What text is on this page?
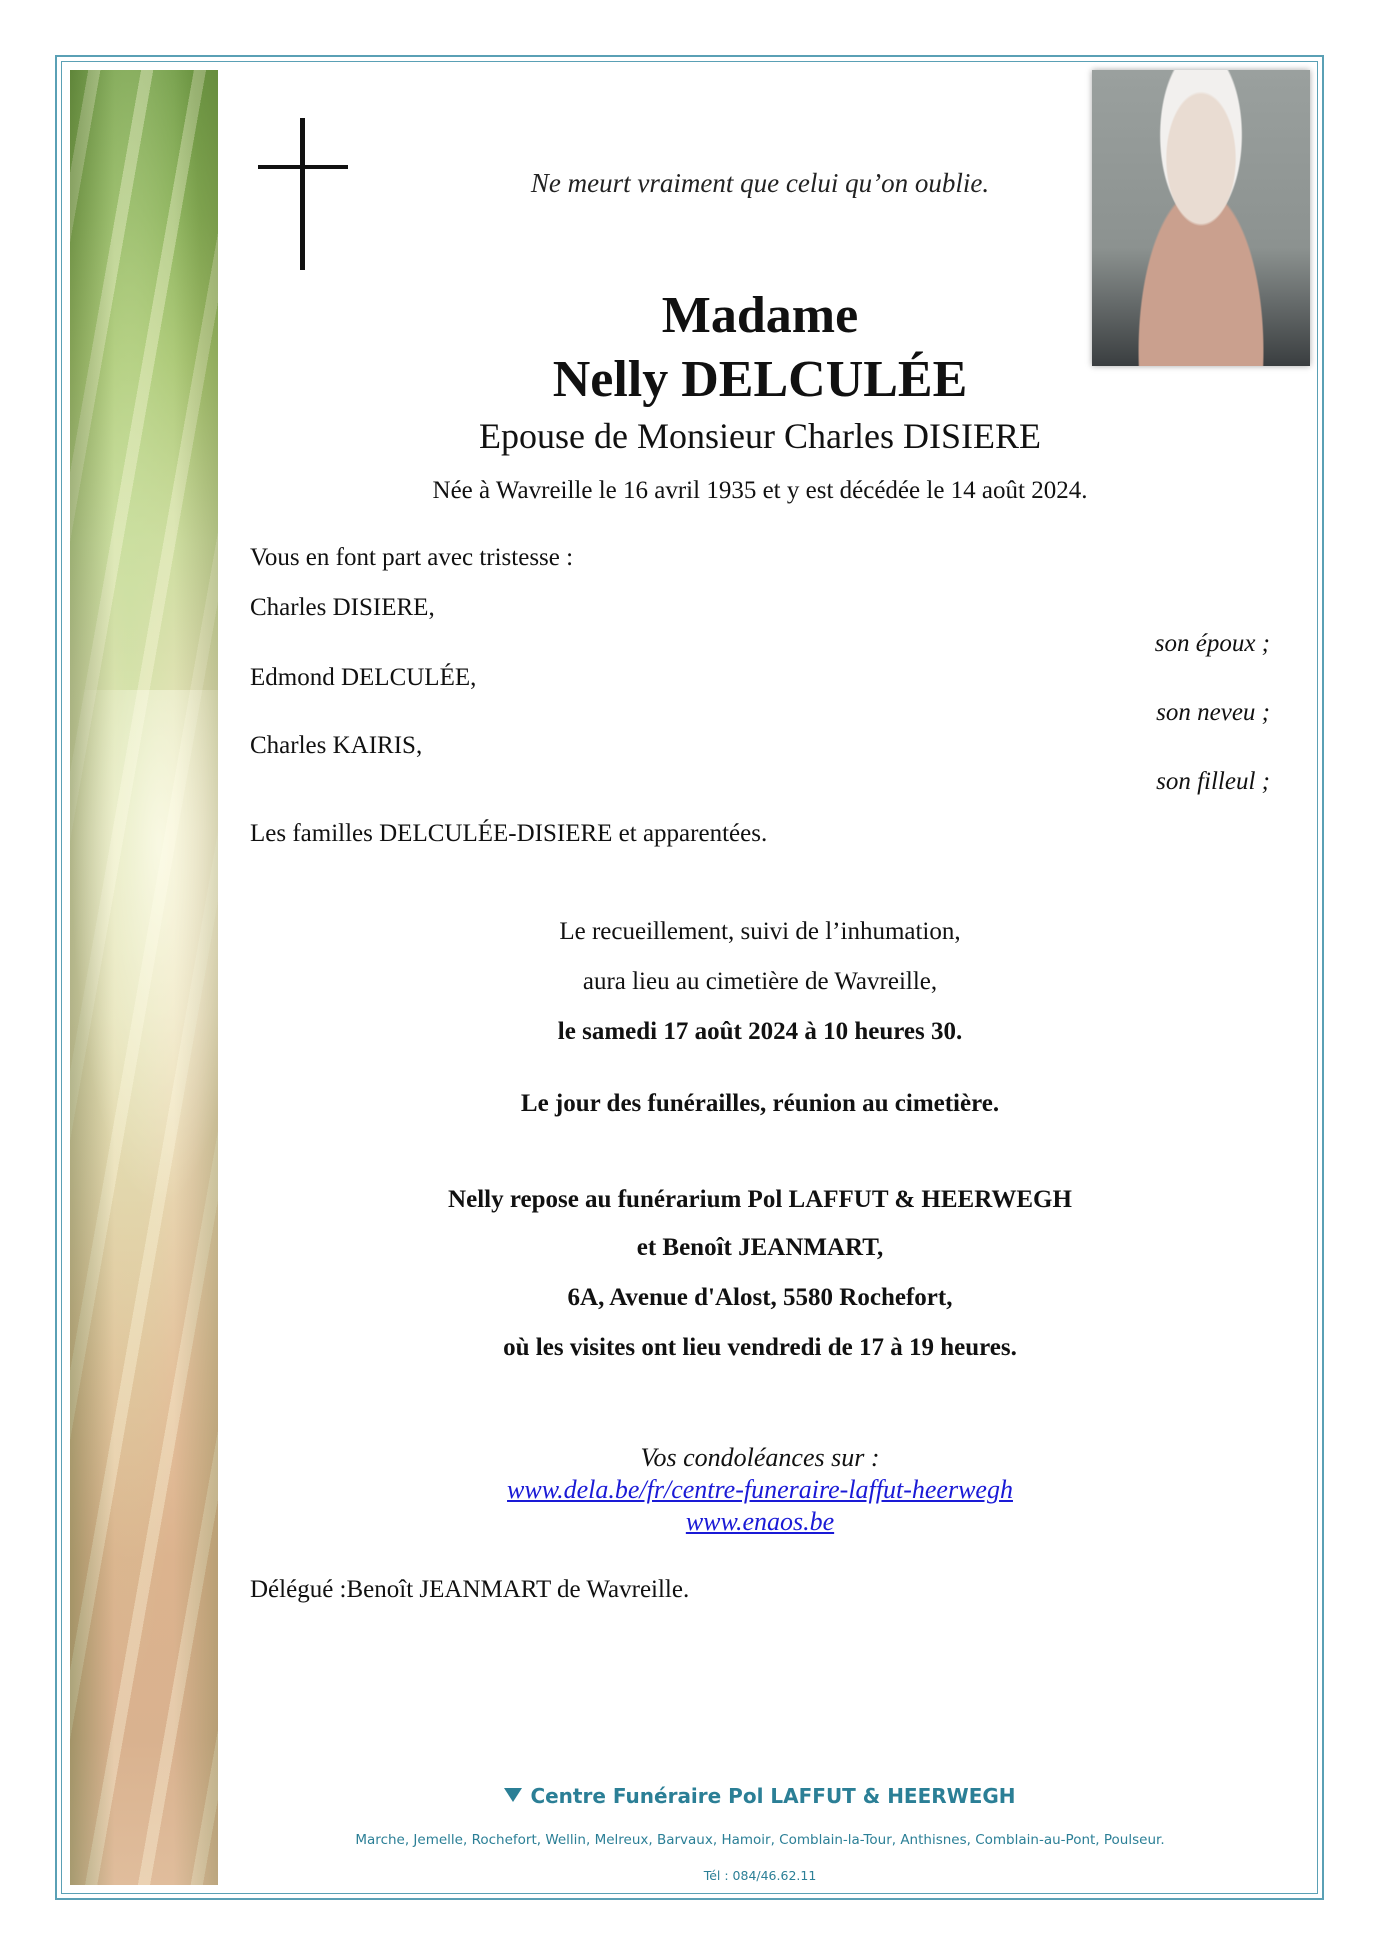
Ne meurt vraiment que celui qu’on oublie.
Madame
Nelly DELCULÉE
Epouse de Monsieur Charles DISIERE
Née à Wavreille le 16 avril 1935 et y est décédée le 14 août 2024.
Vous en font part avec tristesse :
Charles DISIERE,
son époux ;
Edmond DELCULÉE,
son neveu ;
Charles KAIRIS,
son filleul ;
Les familles DELCULÉE-DISIERE et apparentées.
Le recueillement, suivi de l’inhumation,
aura lieu au cimetière de Wavreille,
le samedi 17 août 2024 à 10 heures 30.
Le jour des funérailles, réunion au cimetière.
Nelly repose au funérarium Pol LAFFUT & HEERWEGH
et Benoît JEANMART,
6A, Avenue d'Alost, 5580 Rochefort,
où les visites ont lieu vendredi de 17 à 19 heures.
Vos condoléances sur :
www.dela.be/fr/centre-funeraire-laffut-heerwegh
www.enaos.be
Délégué :Benoît JEANMART de Wavreille.
Centre Funéraire Pol LAFFUT & HEERWEGH
Marche, Jemelle, Rochefort, Wellin, Melreux, Barvaux, Hamoir, Comblain-la-Tour, Anthisnes, Comblain-au-Pont, Poulseur.
Tél : 084/46.62.11
